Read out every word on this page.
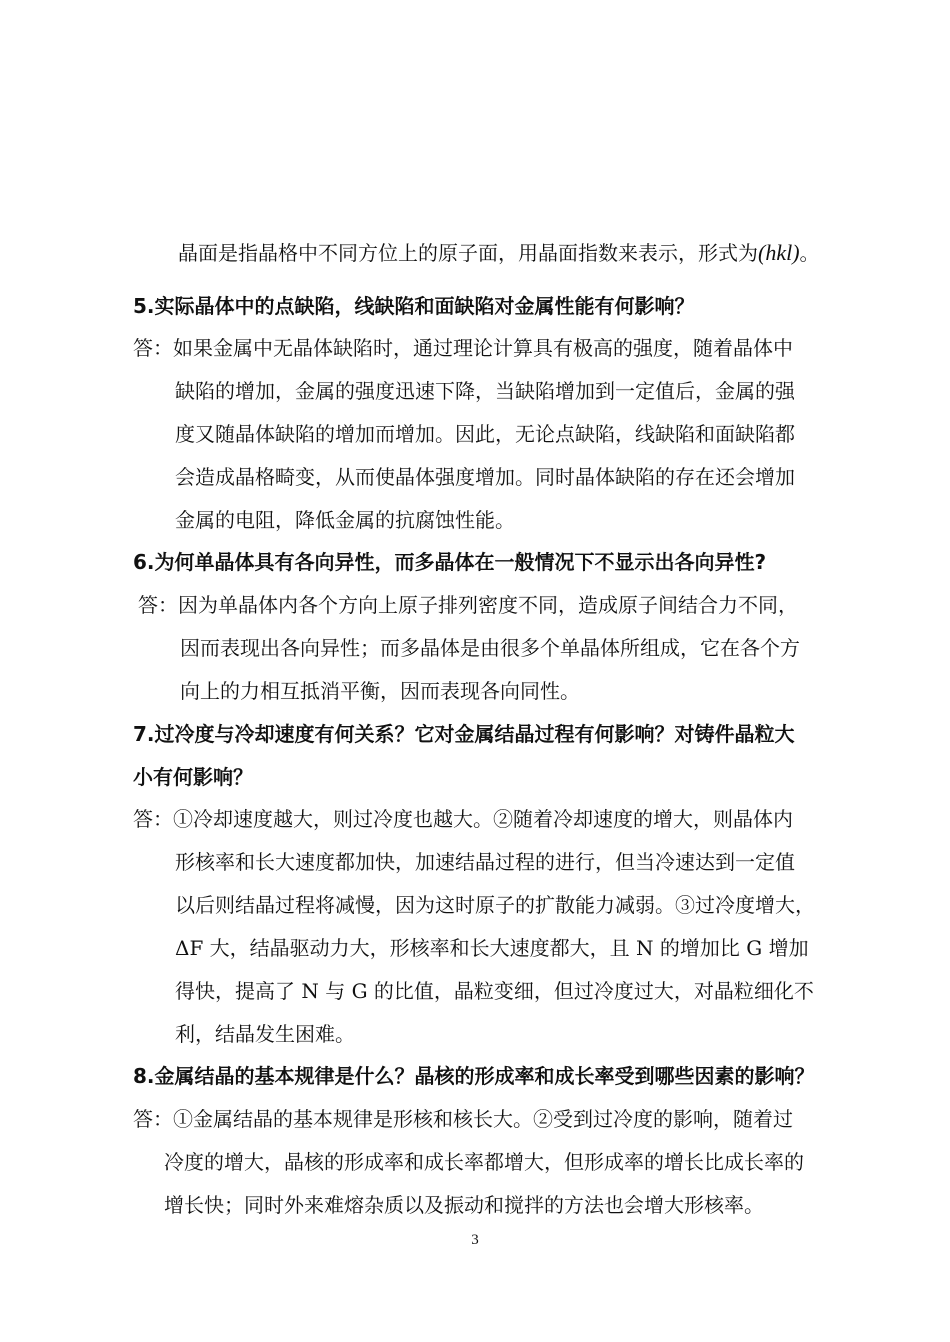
晶面是指晶格中不同方位上的原子面，用晶面指数来表示，形式为(hkl)。
5.实际晶体中的点缺陷，线缺陷和面缺陷对金属性能有何影响？
答：如果金属中无晶体缺陷时，通过理论计算具有极高的强度，随着晶体中
缺陷的增加，金属的强度迅速下降，当缺陷增加到一定值后，金属的强
度又随晶体缺陷的增加而增加。因此，无论点缺陷，线缺陷和面缺陷都
会造成晶格畸变，从而使晶体强度增加。同时晶体缺陷的存在还会增加
金属的电阻，降低金属的抗腐蚀性能。
6.为何单晶体具有各向异性，而多晶体在一般情况下不显示出各向异性?
答：因为单晶体内各个方向上原子排列密度不同，造成原子间结合力不同，
因而表现出各向异性；而多晶体是由很多个单晶体所组成，它在各个方
向上的力相互抵消平衡，因而表现各向同性。
7.过冷度与冷却速度有何关系？它对金属结晶过程有何影响？对铸件晶粒大
小有何影响？
答：①冷却速度越大，则过冷度也越大。②随着冷却速度的增大，则晶体内
形核率和长大速度都加快，加速结晶过程的进行，但当冷速达到一定值
以后则结晶过程将减慢，因为这时原子的扩散能力减弱。③过冷度增大，
ΔF 大，结晶驱动力大，形核率和长大速度都大，且 N 的增加比 G 增加
得快，提高了 N 与 G 的比值，晶粒变细，但过冷度过大，对晶粒细化不
利，结晶发生困难。
8.金属结晶的基本规律是什么？晶核的形成率和成长率受到哪些因素的影响？
答：①金属结晶的基本规律是形核和核长大。②受到过冷度的影响，随着过
冷度的增大，晶核的形成率和成长率都增大，但形成率的增长比成长率的
增长快；同时外来难熔杂质以及振动和搅拌的方法也会增大形核率。
3
